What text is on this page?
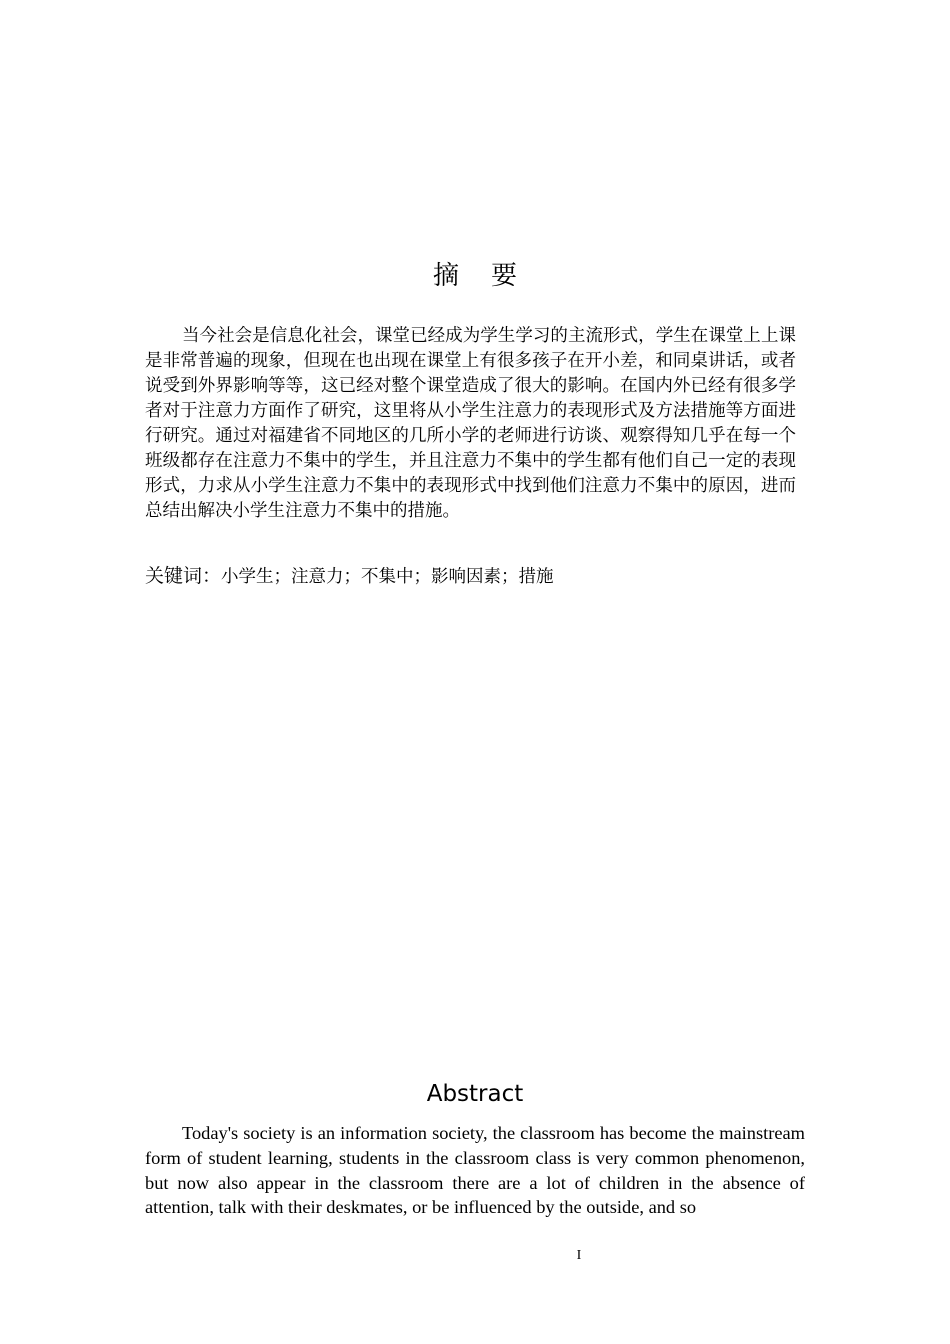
摘要
当今社会是信息化社会，课堂已经成为学生学习的主流形式，学生在课堂上上课是非常普遍的现象，但现在也出现在课堂上有很多孩子在开小差，和同桌讲话，或者说受到外界影响等等，这已经对整个课堂造成了很大的影响。在国内外已经有很多学者对于注意力方面作了研究，这里将从小学生注意力的表现形式及方法措施等方面进行研究。通过对福建省不同地区的几所小学的老师进行访谈、观察得知几乎在每一个班级都存在注意力不集中的学生，并且注意力不集中的学生都有他们自己一定的表现形式，力求从小学生注意力不集中的表现形式中找到他们注意力不集中的原因，进而总结出解决小学生注意力不集中的措施。
关键词：小学生；注意力；不集中；影响因素；措施
Abstract
Today's society is an information society, the classroom has become the mainstream form of student learning, students in the classroom class is very common phenomenon, but now also appear in the classroom there are a lot of children in the absence of attention, talk with their deskmates, or be influenced by the outside, and so
I
